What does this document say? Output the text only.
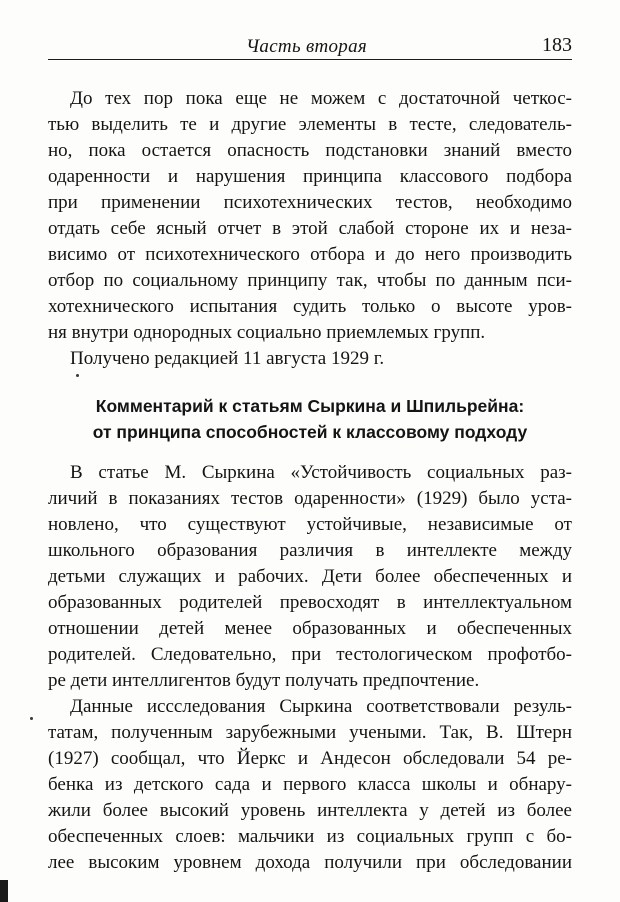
Часть вторая	183
До тех пор пока еще не можем с достаточной четкос-
тью выделить те и другие элементы в тесте, следователь-
но, пока остается опасность подстановки знаний вместо
одаренности и нарушения принципа классового подбора
при применении психотехнических тестов, необходимо
отдать себе ясный отчет в этой слабой стороне их и неза-
висимо от психотехнического отбора и до него производить
отбор по социальному принципу так, чтобы по данным пси-
хотехнического испытания судить только о высоте уров-
ня внутри однородных социально приемлемых групп.
Получено редакцией 11 августа 1929 г.
Комментарий к статьям Сыркина и Шпильрейна:
от принципа способностей к классовому подходу
В статье М. Сыркина «Устойчивость социальных раз-
личий в показаниях тестов одаренности» (1929) было уста-
новлено, что существуют устойчивые, независимые от
школьного образования различия в интеллекте между
детьми служащих и рабочих. Дети более обеспеченных и
образованных родителей превосходят в интеллектуальном
отношении детей менее образованных и обеспеченных
родителей. Следовательно, при тестологическом профотбо-
ре дети интеллигентов будут получать предпочтение.
Данные иссследования Сыркина соответствовали резуль-
татам, полученным зарубежными учеными. Так, В. Штерн
(1927) сообщал, что Йеркс и Андесон обследовали 54 ре-
бенка из детского сада и первого класса школы и обнару-
жили более высокий уровень интеллекта у детей из более
обеспеченных слоев: мальчики из социальных групп с бо-
лее высоким уровнем дохода получили при обследовании
